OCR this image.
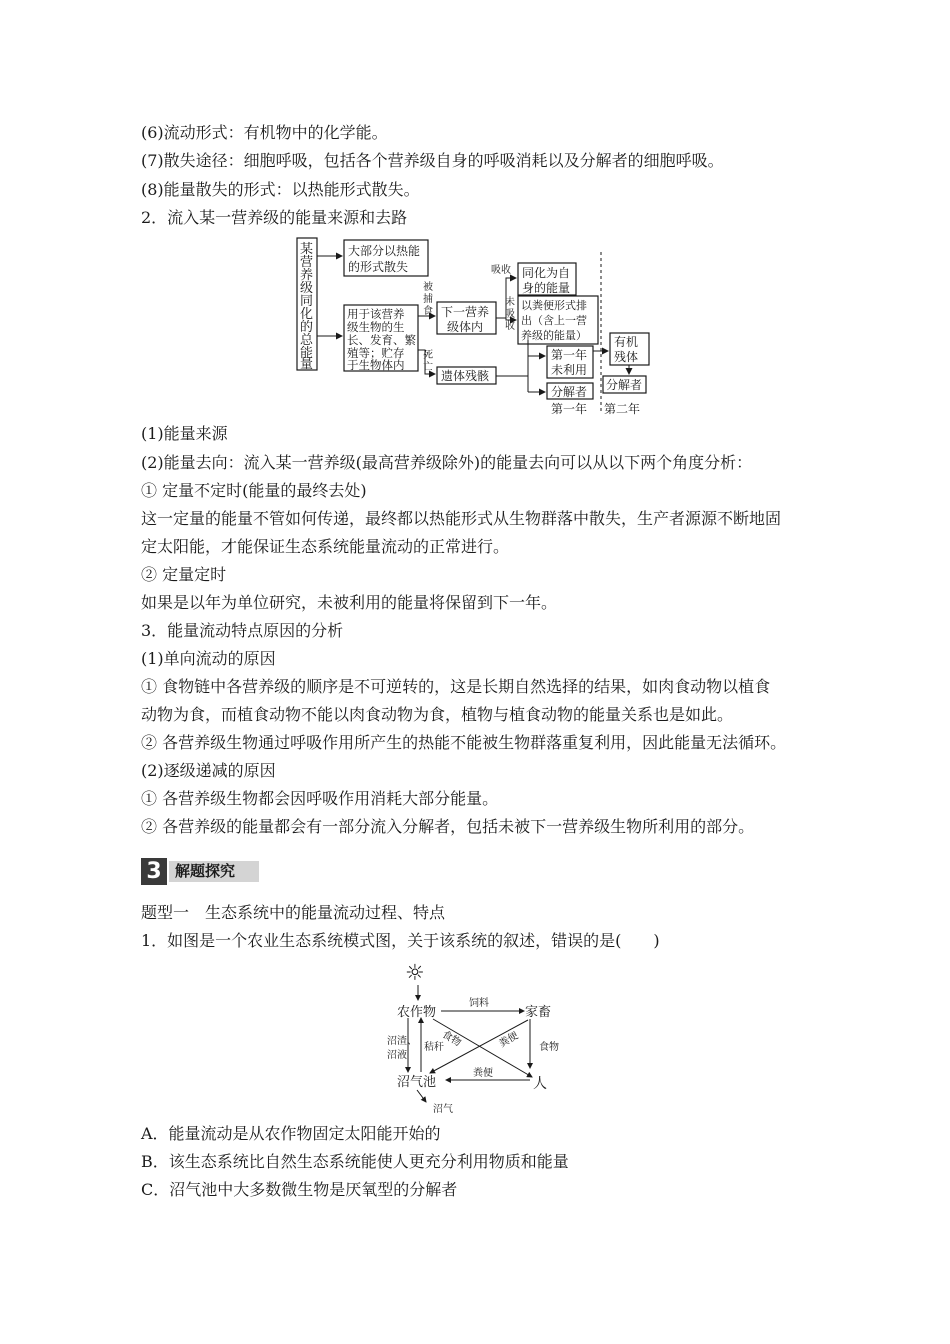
(6)流动形式：有机物中的化学能。
(7)散失途径：细胞呼吸，包括各个营养级自身的呼吸消耗以及分解者的细胞呼吸。
(8)能量散失的形式：以热能形式散失。
2．流入某一营养级的能量来源和去路
某 营 养 级 同 化 的 总 能 量
大部分以热能 的形式散失
用于该营养 级生物的生 长、发育、繁 殖等；贮存 于生物体内
被 捕 食 下一营养 级体内
死 亡
遗体残骸
吸收
未 吸 收
同化为自 身的能量
以粪便形式排 出（含上一营 养级的能量）
第一年 未利用
分解者
第一年
有机 残体
分解者
第二年
(1)能量来源
(2)能量去向：流入某一营养级(最高营养级除外)的能量去向可以从以下两个角度分析：
① 定量不定时(能量的最终去处)
这一定量的能量不管如何传递，最终都以热能形式从生物群落中散失，生产者源源不断地固
定太阳能，才能保证生态系统能量流动的正常进行。
② 定量定时
如果是以年为单位研究，未被利用的能量将保留到下一年。
3．能量流动特点原因的分析
(1)单向流动的原因
① 食物链中各营养级的顺序是不可逆转的，这是长期自然选择的结果，如肉食动物以植食
动物为食，而植食动物不能以肉食动物为食，植物与植食动物的能量关系也是如此。
② 各营养级生物通过呼吸作用所产生的热能不能被生物群落重复利用，因此能量无法循环。
(2)逐级递减的原因
① 各营养级生物都会因呼吸作用消耗大部分能量。
② 各营养级的能量都会有一部分流入分解者，包括未被下一营养级生物所利用的部分。
3 解题探究
题型一　生态系统中的能量流动过程、特点
1．如图是一个农业生态系统模式图，关于该系统的叙述，错误的是(　　)
☼
农作物	家畜
饲料
食物	粪便 食物
沼渣、 沼液
秸秆
沼气池
粪便
人
沼气
A．能量流动是从农作物固定太阳能开始的
B．该生态系统比自然生态系统能使人更充分利用物质和能量
C．沼气池中大多数微生物是厌氧型的分解者
